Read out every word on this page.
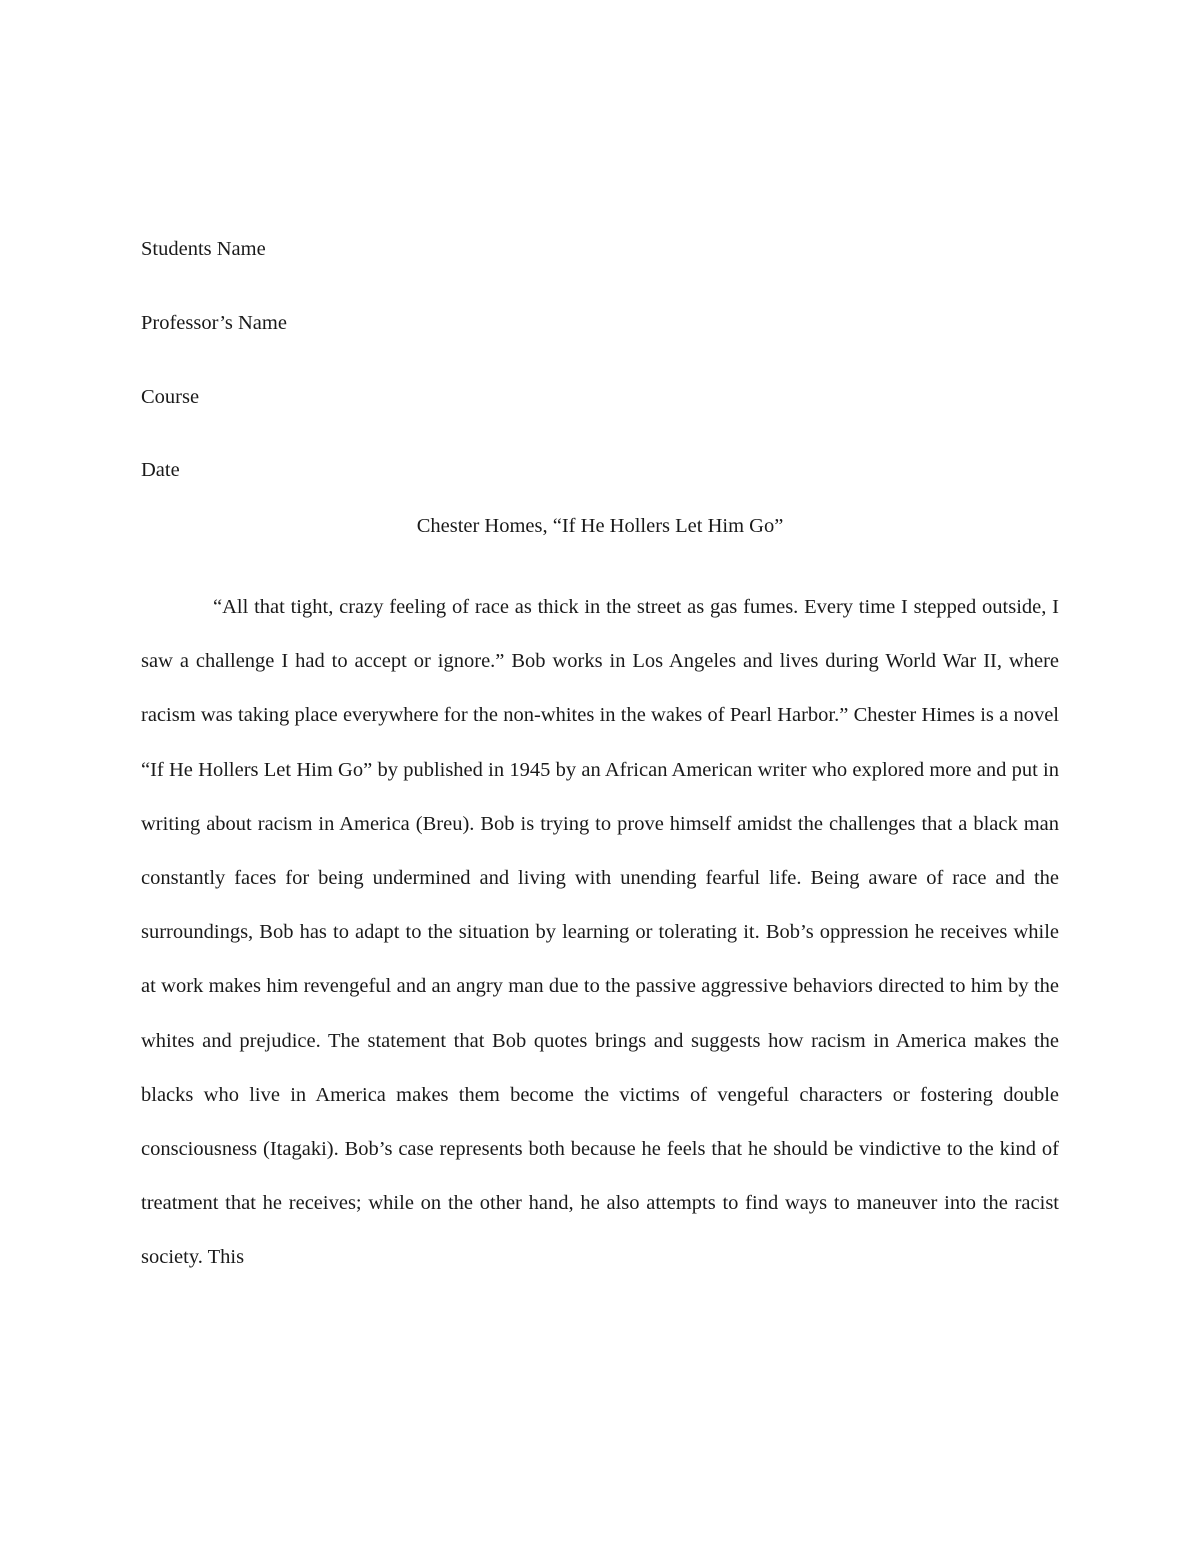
Students Name

Professor’s Name

Course

Date

Chester Homes, “If He Hollers Let Him Go”

“All that tight, crazy feeling of race as thick in the street as gas fumes. Every time I stepped outside, I saw a challenge I had to accept or ignore.” Bob works in Los Angeles and lives during World War II, where racism was taking place everywhere for the non-whites in the wakes of Pearl Harbor.” Chester Himes is a novel “If He Hollers Let Him Go” by published in 1945 by an African American writer who explored more and put in writing about racism in America (Breu). Bob is trying to prove himself amidst the challenges that a black man constantly faces for being undermined and living with unending fearful life. Being aware of race and the surroundings, Bob has to adapt to the situation by learning or tolerating it. Bob’s oppression he receives while at work makes him revengeful and an angry man due to the passive aggressive behaviors directed to him by the whites and prejudice. The statement that Bob quotes brings and suggests how racism in America makes the blacks who live in America makes them become the victims of vengeful characters or fostering double consciousness (Itagaki). Bob’s case represents both because he feels that he should be vindictive to the kind of treatment that he receives; while on the other hand, he also attempts to find ways to maneuver into the racist society. This
